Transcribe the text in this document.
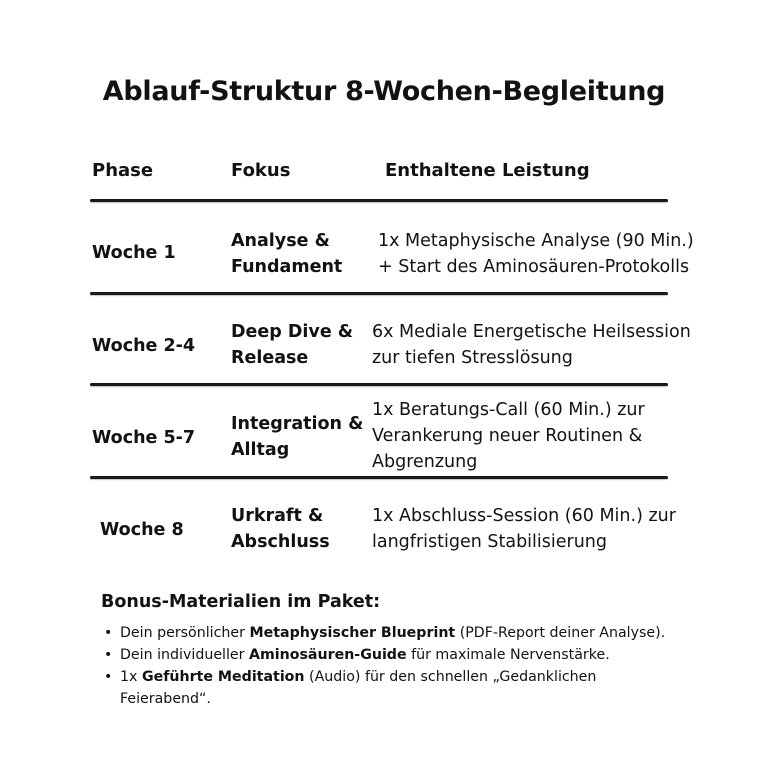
Ablauf-Struktur 8-Wochen-Begleitung
Phase	Fokus	Enthaltene Leistung
Woche 1
Analyse &
Fundament
1x Metaphysische Analyse (90 Min.)
+ Start des Aminosäuren-Protokolls
Woche 2-4
Deep Dive &
Release
6x Mediale Energetische Heilsession
zur tiefen Stresslösung
Woche 5-7
Integration &
Alltag
1x Beratungs-Call (60 Min.) zur
Verankerung neuer Routinen &
Abgrenzung
Woche 8
Urkraft &
Abschluss
1x Abschluss-Session (60 Min.) zur
langfristigen Stabilisierung
Bonus-Materialien im Paket:
• Dein persönlicher Metaphysischer Blueprint (PDF-Report deiner Analyse).
• Dein individueller Aminosäuren-Guide für maximale Nervenstärke.
• 1x Geführte Meditation (Audio) für den schnellen „Gedanklichen Feierabend“.
